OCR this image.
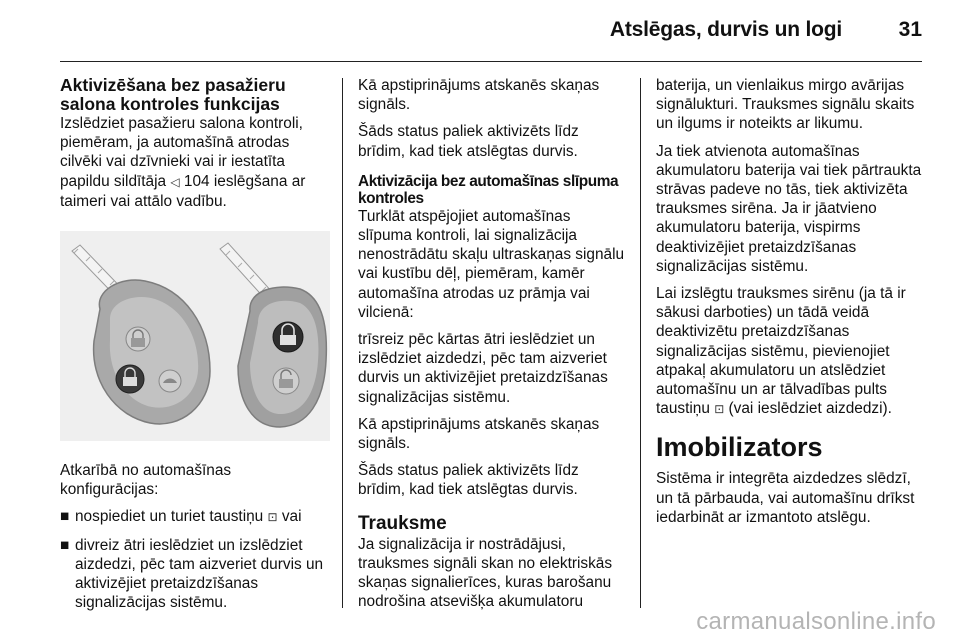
Atslēgas, durvis un logi	31
Aktivizēšana bez pasažieru
salona kontroles funkcijas

Izslēdziet pasažieru salona kontroli, piemēram, ja automašīnā atrodas cilvēki vai dzīvnieki vai ir iestatīta papildu sildītāja ◁ 104 ieslēgšana ar taimeri vai attālo vadību.

Atkarībā no automašīnas konfigurācijas:

■ nospiediet un turiet taustiņu ⊡ vai
■ divreiz ātri ieslēdziet un izslēdziet aizdedzi, pēc tam aizveriet durvis un aktivizējiet pretaizdzīšanas signalizācijas sistēmu.

Kā apstiprinājums atskanēs skaņas signāls.

Šāds status paliek aktivizēts līdz brīdim, kad tiek atslēgtas durvis.

Aktivizācija bez automašīnas slīpuma kontroles

Turklāt atspējojiet automašīnas slīpuma kontroli, lai signalizācija nenostrādātu skaļu ultraskaņas signālu vai kustību dēļ, piemēram, kamēr automašīna atrodas uz prāmja vai vilcienā:

trīsreiz pēc kārtas ātri ieslēdziet un izslēdziet aizdedzi, pēc tam aizveriet durvis un aktivizējiet pretaizdzīšanas signalizācijas sistēmu.

Kā apstiprinājums atskanēs skaņas signāls.

Šāds status paliek aktivizēts līdz brīdim, kad tiek atslēgtas durvis.

Trauksme

Ja signalizācija ir nostrādājusi, trauksmes signāli skan no elektriskās skaņas signalierīces, kuras barošanu nodrošina atsevišķa akumulatoru

baterija, un vienlaikus mirgo avārijas signālukturi. Trauksmes signālu skaits un ilgums ir noteikts ar likumu.

Ja tiek atvienota automašīnas akumulatoru baterija vai tiek pārtraukta strāvas padeve no tās, tiek aktivizēta trauksmes sirēna. Ja ir jāatvieno akumulatoru baterija, vispirms deaktivizējiet pretaizdzīšanas signalizācijas sistēmu.

Lai izslēgtu trauksmes sirēnu (ja tā ir sākusi darboties) un tādā veidā deaktivizētu pretaizdzīšanas signalizācijas sistēmu, pievienojiet atpakaļ akumulatoru un atslēdziet automašīnu un ar tālvadības pults taustiņu ⊡ (vai ieslēdziet aizdedzi).

Imobilizators

Sistēma ir integrēta aizdedzes slēdzī, un tā pārbauda, vai automašīnu drīkst iedarbināt ar izmantoto atslēgu.

carmanualsonline.info
